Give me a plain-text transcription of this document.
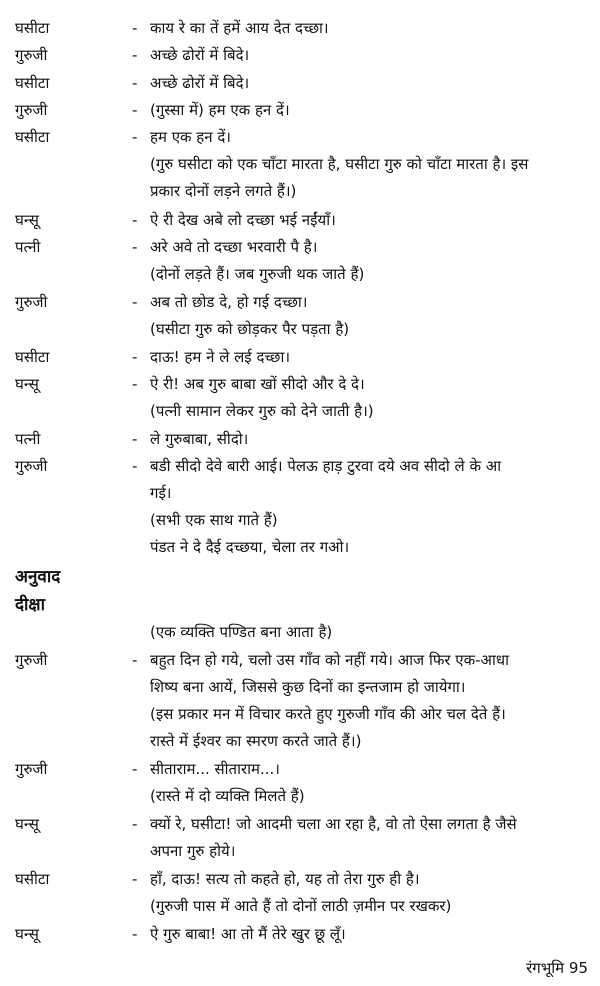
घसीटा	- काय रे का तें हमें आय देत दच्छा।
गुरुजी	- अच्छे ढोरों में बिदे।
घसीटा	- अच्छे ढोरों में बिदे।
गुरुजी	- (गुस्सा में) हम एक हन दें।
घसीटा	- हम एक हन दें।
(गुरु घसीटा को एक चाँटा मारता है, घसीटा गुरु को चाँटा मारता है। इस
प्रकार दोनों लड़ने लगते हैं।)
घन्सू	- ऐ री देख अबे लो दच्छा भई नईंयाँ।
पत्नी	- अरे अवे तो दच्छा भरवारी पै है।
(दोनों लड़ते हैं। जब गुरुजी थक जाते हैं)
गुरुजी	- अब तो छोड दे, हो गई दच्छा।
(घसीटा गुरु को छोड़कर पैर पड़ता है)
घसीटा	- दाऊ! हम ने ले लई दच्छा।
घन्सू	- ऐ री! अब गुरु बाबा खों सीदो और दे दे।
(पत्नी सामान लेकर गुरु को देने जाती है।)
पत्नी	- ले गुरुबाबा, सीदो।
गुरुजी	- बडी सीदो देवे बारी आई। पेलऊ हाड़ टुरवा दये अव सीदो ले के आ
गई।
(सभी एक साथ गाते हैं)
पंडत ने दे दैई दच्छया, चेला तर गओ।
अनुवाद
दीक्षा
(एक व्यक्ति पण्डित बना आता है)
गुरुजी	- बहुत दिन हो गये, चलो उस गाँव को नहीं गये। आज फिर एक-आधा
शिष्य बना आयें, जिससे कुछ दिनों का इन्तजाम हो जायेगा।
(इस प्रकार मन में विचार करते हुए गुरुजी गाँव की ओर चल देते हैं।
रास्ते में ईश्वर का स्मरण करते जाते हैं।)
गुरुजी	- सीताराम... सीताराम...।
(रास्ते में दो व्यक्ति मिलते हैं)
घन्सू	- क्यों रे, घसीटा! जो आदमी चला आ रहा है, वो तो ऐसा लगता है जैसे
अपना गुरु होये।
घसीटा	- हाँ, दाऊ! सत्य तो कहते हो, यह तो तेरा गुरु ही है।
(गुरुजी पास में आते हैं तो दोनों लाठी ज़मीन पर रखकर)
घन्सू	- ऐ गुरु बाबा! आ तो मैं तेरे खुर छू लूँ।
रंगभूमि 95
